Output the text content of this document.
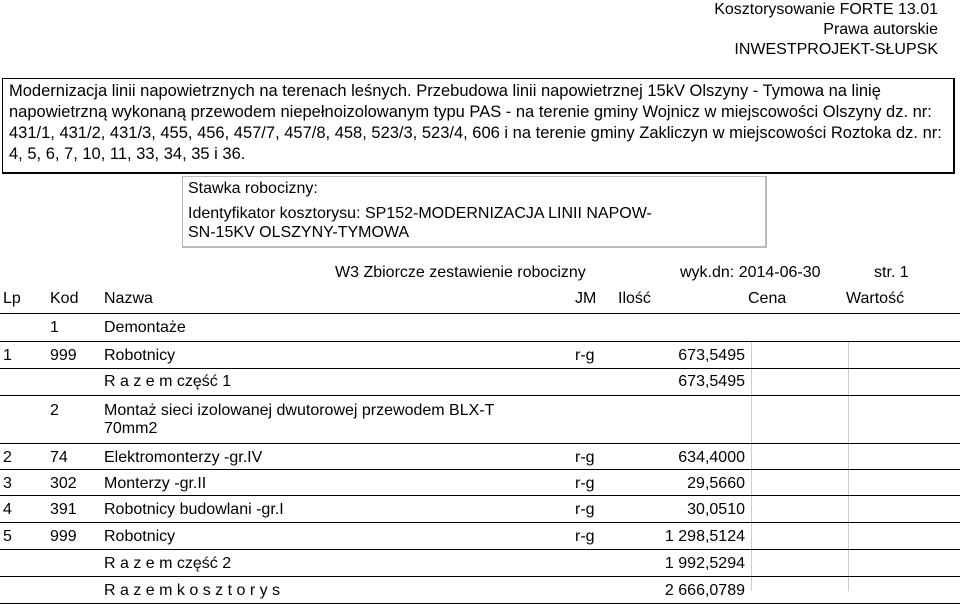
Kosztorysowanie FORTE 13.01
Prawa autorskie
INWESTPROJEKT-SŁUPSK

Modernizacja linii napowietrznych na terenach leśnych. Przebudowa linii napowietrznej 15kV Olszyny - Tymowa na linię napowietrzną wykonaną przewodem niepełnoizolowanym typu PAS - na terenie gminy Wojnicz w miejscowości Olszyny dz. nr: 431/1, 431/2, 431/3, 455, 456, 457/7, 457/8, 458, 523/3, 523/4, 606 i na terenie gminy Zakliczyn w miejscowości Roztoka dz. nr: 4, 5, 6, 7, 10, 11, 33, 34, 35 i 36.

Stawka robocizny:
Identyfikator kosztorysu: SP152-MODERNIZACJA LINII NAPOW-
SN-15KV OLSZYNY-TYMOWA
W3 Zbiorcze zestawienie robocizny	wyk.dn: 2014-06-30	str. 1
Lp Kod Nazwa	JM Ilość	Cena	Wartość
1	Demontaże
1 999 Robotnicy	r-g	673,5495
R a z e m część 1	673,5495
2	Montaż sieci izolowanej dwutorowej przewodem BLX-T
70mm2
2 74 Elektromonterzy -gr.IV	r-g	634,4000
3 302 Monterzy -gr.II	r-g	29,5660
4 391 Robotnicy budowlani -gr.I	r-g	30,0510
5 999 Robotnicy	r-g	1 298,5124
R a z e m część 2	1 992,5294
R a z e m k o s z t o r y s	2 666,0789
